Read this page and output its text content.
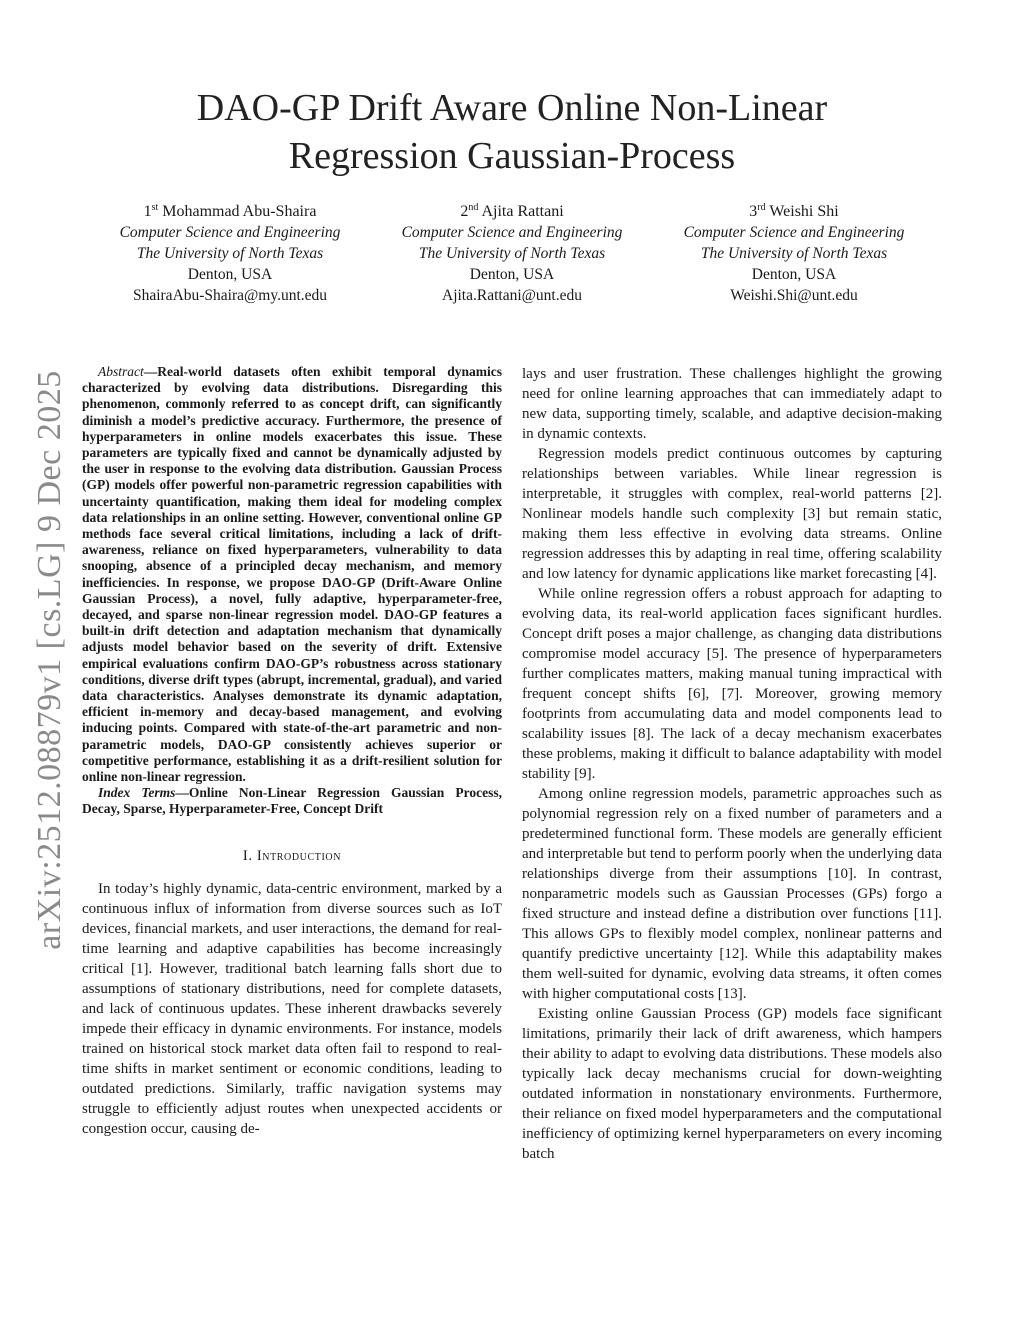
arXiv:2512.08879v1 [cs.LG] 9 Dec 2025
DAO-GP Drift Aware Online Non-Linear
Regression Gaussian-Process
1st Mohammad Abu-Shaira
Computer Science and Engineering
The University of North Texas
Denton, USA
ShairaAbu-Shaira@my.unt.edu
2nd Ajita Rattani
Computer Science and Engineering
The University of North Texas
Denton, USA
Ajita.Rattani@unt.edu
3rd Weishi Shi
Computer Science and Engineering
The University of North Texas
Denton, USA
Weishi.Shi@unt.edu

Abstract—Real-world datasets often exhibit temporal dynamics characterized by evolving data distributions. Disregarding this phenomenon, commonly referred to as concept drift, can significantly diminish a model’s predictive accuracy. Furthermore, the presence of hyperparameters in online models exacerbates this issue. These parameters are typically fixed and cannot be dynamically adjusted by the user in response to the evolving data distribution. Gaussian Process (GP) models offer powerful non-parametric regression capabilities with uncertainty quantification, making them ideal for modeling complex data relationships in an online setting. However, conventional online GP methods face several critical limitations, including a lack of drift-awareness, reliance on fixed hyperparameters, vulnerability to data snooping, absence of a principled decay mechanism, and memory inefficiencies. In response, we propose DAO-GP (Drift-Aware Online Gaussian Process), a novel, fully adaptive, hyperparameter-free, decayed, and sparse non-linear regression model. DAO-GP features a built-in drift detection and adaptation mechanism that dynamically adjusts model behavior based on the severity of drift. Extensive empirical evaluations confirm DAO-GP’s robustness across stationary conditions, diverse drift types (abrupt, incremental, gradual), and varied data characteristics. Analyses demonstrate its dynamic adaptation, efficient in-memory and decay-based management, and evolving inducing points. Compared with state-of-the-art parametric and non-parametric models, DAO-GP consistently achieves superior or competitive performance, establishing it as a drift-resilient solution for online non-linear regression.

Index Terms—Online Non-Linear Regression Gaussian Process, Decay, Sparse, Hyperparameter-Free, Concept Drift

I. Introduction

In today’s highly dynamic, data-centric environment, marked by a continuous influx of information from diverse sources such as IoT devices, financial markets, and user interactions, the demand for real-time learning and adaptive capabilities has become increasingly critical [1]. However, traditional batch learning falls short due to assumptions of stationary distributions, need for complete datasets, and lack of continuous updates. These inherent drawbacks severely impede their efficacy in dynamic environments. For instance, models trained on historical stock market data often fail to respond to real-time shifts in market sentiment or economic conditions, leading to outdated predictions. Similarly, traffic navigation systems may struggle to efficiently adjust routes when unexpected accidents or congestion occur, causing de-

lays and user frustration. These challenges highlight the growing need for online learning approaches that can immediately adapt to new data, supporting timely, scalable, and adaptive decision-making in dynamic contexts.

Regression models predict continuous outcomes by capturing relationships between variables. While linear regression is interpretable, it struggles with complex, real-world patterns [2]. Nonlinear models handle such complexity [3] but remain static, making them less effective in evolving data streams. Online regression addresses this by adapting in real time, offering scalability and low latency for dynamic applications like market forecasting [4].

While online regression offers a robust approach for adapting to evolving data, its real-world application faces significant hurdles. Concept drift poses a major challenge, as changing data distributions compromise model accuracy [5]. The presence of hyperparameters further complicates matters, making manual tuning impractical with frequent concept shifts [6], [7]. Moreover, growing memory footprints from accumulating data and model components lead to scalability issues [8]. The lack of a decay mechanism exacerbates these problems, making it difficult to balance adaptability with model stability [9].

Among online regression models, parametric approaches such as polynomial regression rely on a fixed number of parameters and a predetermined functional form. These models are generally efficient and interpretable but tend to perform poorly when the underlying data relationships diverge from their assumptions [10]. In contrast, nonparametric models such as Gaussian Processes (GPs) forgo a fixed structure and instead define a distribution over functions [11]. This allows GPs to flexibly model complex, nonlinear patterns and quantify predictive uncertainty [12]. While this adaptability makes them well-suited for dynamic, evolving data streams, it often comes with higher computational costs [13].

Existing online Gaussian Process (GP) models face significant limitations, primarily their lack of drift awareness, which hampers their ability to adapt to evolving data distributions. These models also typically lack decay mechanisms crucial for down-weighting outdated information in nonstationary environments. Furthermore, their reliance on fixed model hyperparameters and the computational inefficiency of optimizing kernel hyperparameters on every incoming batch
